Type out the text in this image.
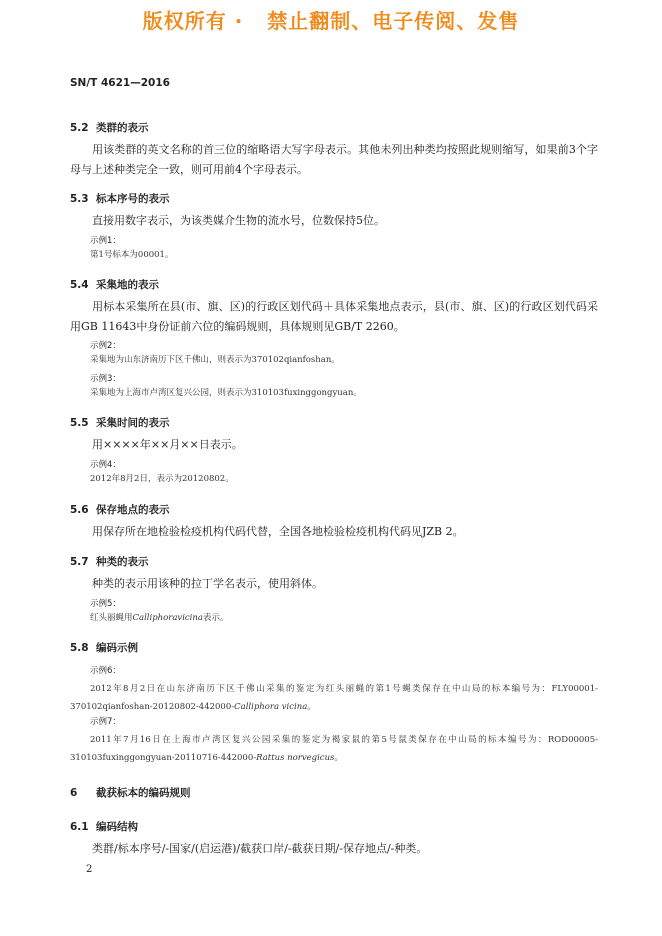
版权所有 ·   禁止翻制、电子传阅、发售
SN/T 4621—2016
5.2 类群的表示
用该类群的英文名称的首三位的缩略语大写字母表示。其他未列出种类均按照此规则缩写，如果前3个字母与上述种类完全一致，则可用前4个字母表示。
5.3 标本序号的表示
直接用数字表示，为该类媒介生物的流水号，位数保持5位。
示例1：
第1号标本为00001。
5.4 采集地的表示
用标本采集所在县(市、旗、区)的行政区划代码＋具体采集地点表示，县(市、旗、区)的行政区划代码采用GB 11643中身份证前六位的编码规则，具体规则见GB/T 2260。
示例2：
采集地为山东济南历下区千佛山，则表示为370102qianfoshan。
示例3：
采集地为上海市卢湾区复兴公园，则表示为310103fuxinggongyuan。
5.5 采集时间的表示
用××××年××月××日表示。
示例4：
2012年8月2日，表示为20120802。
5.6 保存地点的表示
用保存所在地检验检疫机构代码代替，全国各地检验检疫机构代码见JZB 2。
5.7 种类的表示
种类的表示用该种的拉丁学名表示，使用斜体。
示例5：
红头丽蝇用Calliphoravicina表示。
5.8 编码示例
示例6：
2012年8月2日在山东济南历下区千佛山采集的鉴定为红头丽蝇的第1号蝇类保存在中山局的标本编号为：FLY00001-370102qianfoshan-20120802-442000-Calliphora vicina。
示例7：
2011年7月16日在上海市卢湾区复兴公园采集的鉴定为褐家鼠的第5号鼠类保存在中山局的标本编号为：ROD00005-310103fuxinggongyuan-20110716-442000-Rattus norvegicus。
6 截获标本的编码规则
6.1 编码结构
类群/标本序号/-国家/(启运港)/截获口岸/-截获日期/-保存地点/-种类。
2
